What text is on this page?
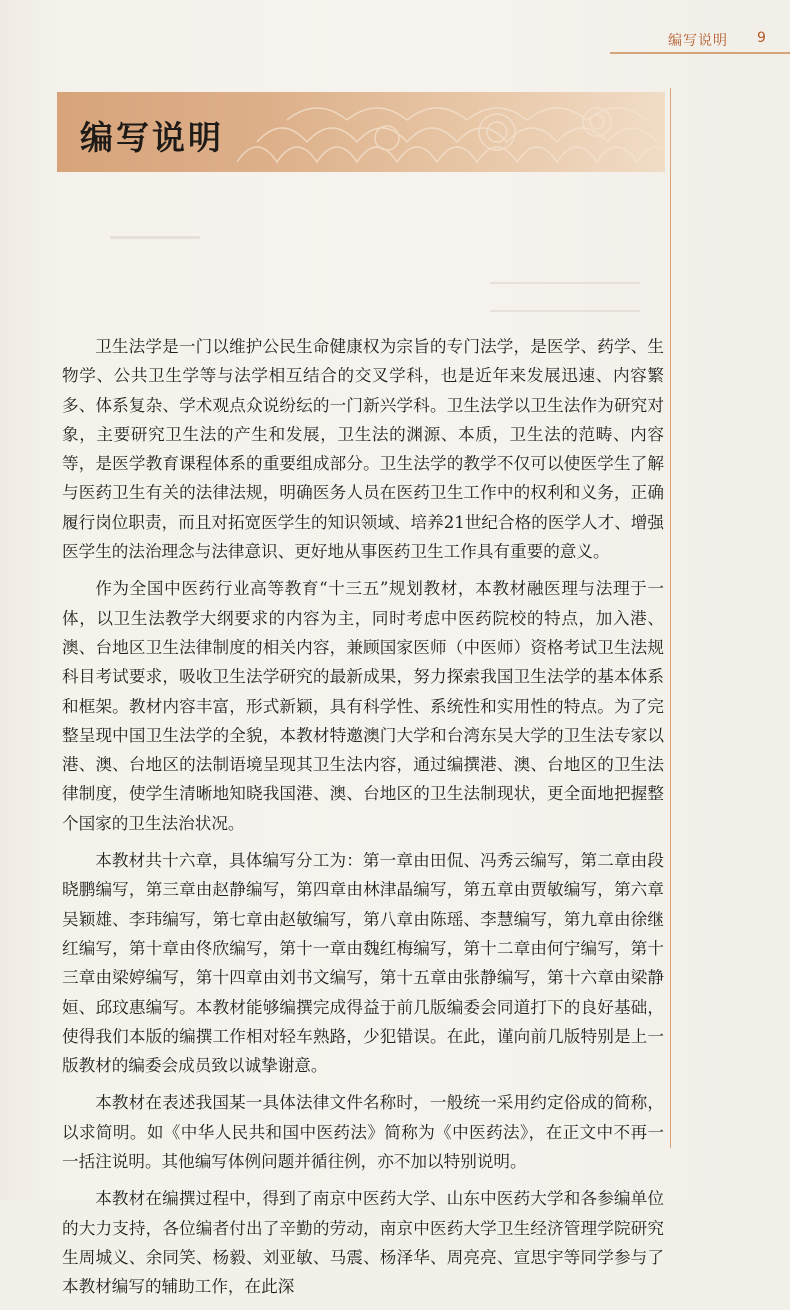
编写说明 9
编写说明

卫生法学是一门以维护公民生命健康权为宗旨的专门法学，是医学、药学、生物学、公共卫生学等与法学相互结合的交叉学科，也是近年来发展迅速、内容繁多、体系复杂、学术观点众说纷纭的一门新兴学科。卫生法学以卫生法作为研究对象，主要研究卫生法的产生和发展，卫生法的渊源、本质，卫生法的范畴、内容等，是医学教育课程体系的重要组成部分。卫生法学的教学不仅可以使医学生了解与医药卫生有关的法律法规，明确医务人员在医药卫生工作中的权利和义务，正确履行岗位职责，而且对拓宽医学生的知识领域、培养21世纪合格的医学人才、增强医学生的法治理念与法律意识、更好地从事医药卫生工作具有重要的意义。

作为全国中医药行业高等教育“十三五”规划教材，本教材融医理与法理于一体，以卫生法教学大纲要求的内容为主，同时考虑中医药院校的特点，加入港、澳、台地区卫生法律制度的相关内容，兼顾国家医师（中医师）资格考试卫生法规科目考试要求，吸收卫生法学研究的最新成果，努力探索我国卫生法学的基本体系和框架。教材内容丰富，形式新颖，具有科学性、系统性和实用性的特点。为了完整呈现中国卫生法学的全貌，本教材特邀澳门大学和台湾东吴大学的卫生法专家以港、澳、台地区的法制语境呈现其卫生法内容，通过编撰港、澳、台地区的卫生法律制度，使学生清晰地知晓我国港、澳、台地区的卫生法制现状，更全面地把握整个国家的卫生法治状况。

本教材共十六章，具体编写分工为：第一章由田侃、冯秀云编写，第二章由段晓鹏编写，第三章由赵静编写，第四章由林津晶编写，第五章由贾敏编写，第六章吴颖雄、李玮编写，第七章由赵敏编写，第八章由陈瑶、李慧编写，第九章由徐继红编写，第十章由佟欣编写，第十一章由魏红梅编写，第十二章由何宁编写，第十三章由梁婷编写，第十四章由刘书文编写，第十五章由张静编写，第十六章由梁静姮、邱玟惠编写。本教材能够编撰完成得益于前几版编委会同道打下的良好基础，使得我们本版的编撰工作相对轻车熟路，少犯错误。在此，谨向前几版特别是上一版教材的编委会成员致以诚挚谢意。

本教材在表述我国某一具体法律文件名称时，一般统一采用约定俗成的简称，以求简明。如《中华人民共和国中医药法》简称为《中医药法》，在正文中不再一一括注说明。其他编写体例问题并循往例，亦不加以特别说明。

本教材在编撰过程中，得到了南京中医药大学、山东中医药大学和各参编单位的大力支持，各位编者付出了辛勤的劳动，南京中医药大学卫生经济管理学院研究生周城义、余同笑、杨毅、刘亚敏、马震、杨泽华、周亮亮、宣思宇等同学参与了本教材编写的辅助工作，在此深
